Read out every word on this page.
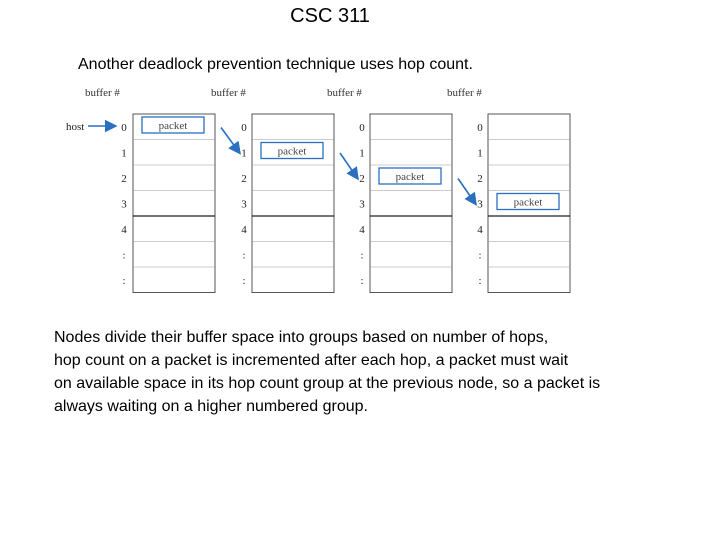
CSC 311
Another deadlock prevention technique uses hop count.
buffer #
0
1
2
3
4
:
:
packet
buffer #
0
1
2
3
4
:
:
packet
buffer #
0
1
2
3
4
:
:
packet
buffer #
0
1
2
3
4
:
:
packet
host
Nodes divide their buffer space into groups based on number of hops,
hop count on a packet is incremented after each hop, a packet must wait
on available space in its hop count group at the previous node, so a packet is
always waiting on a higher numbered group.
